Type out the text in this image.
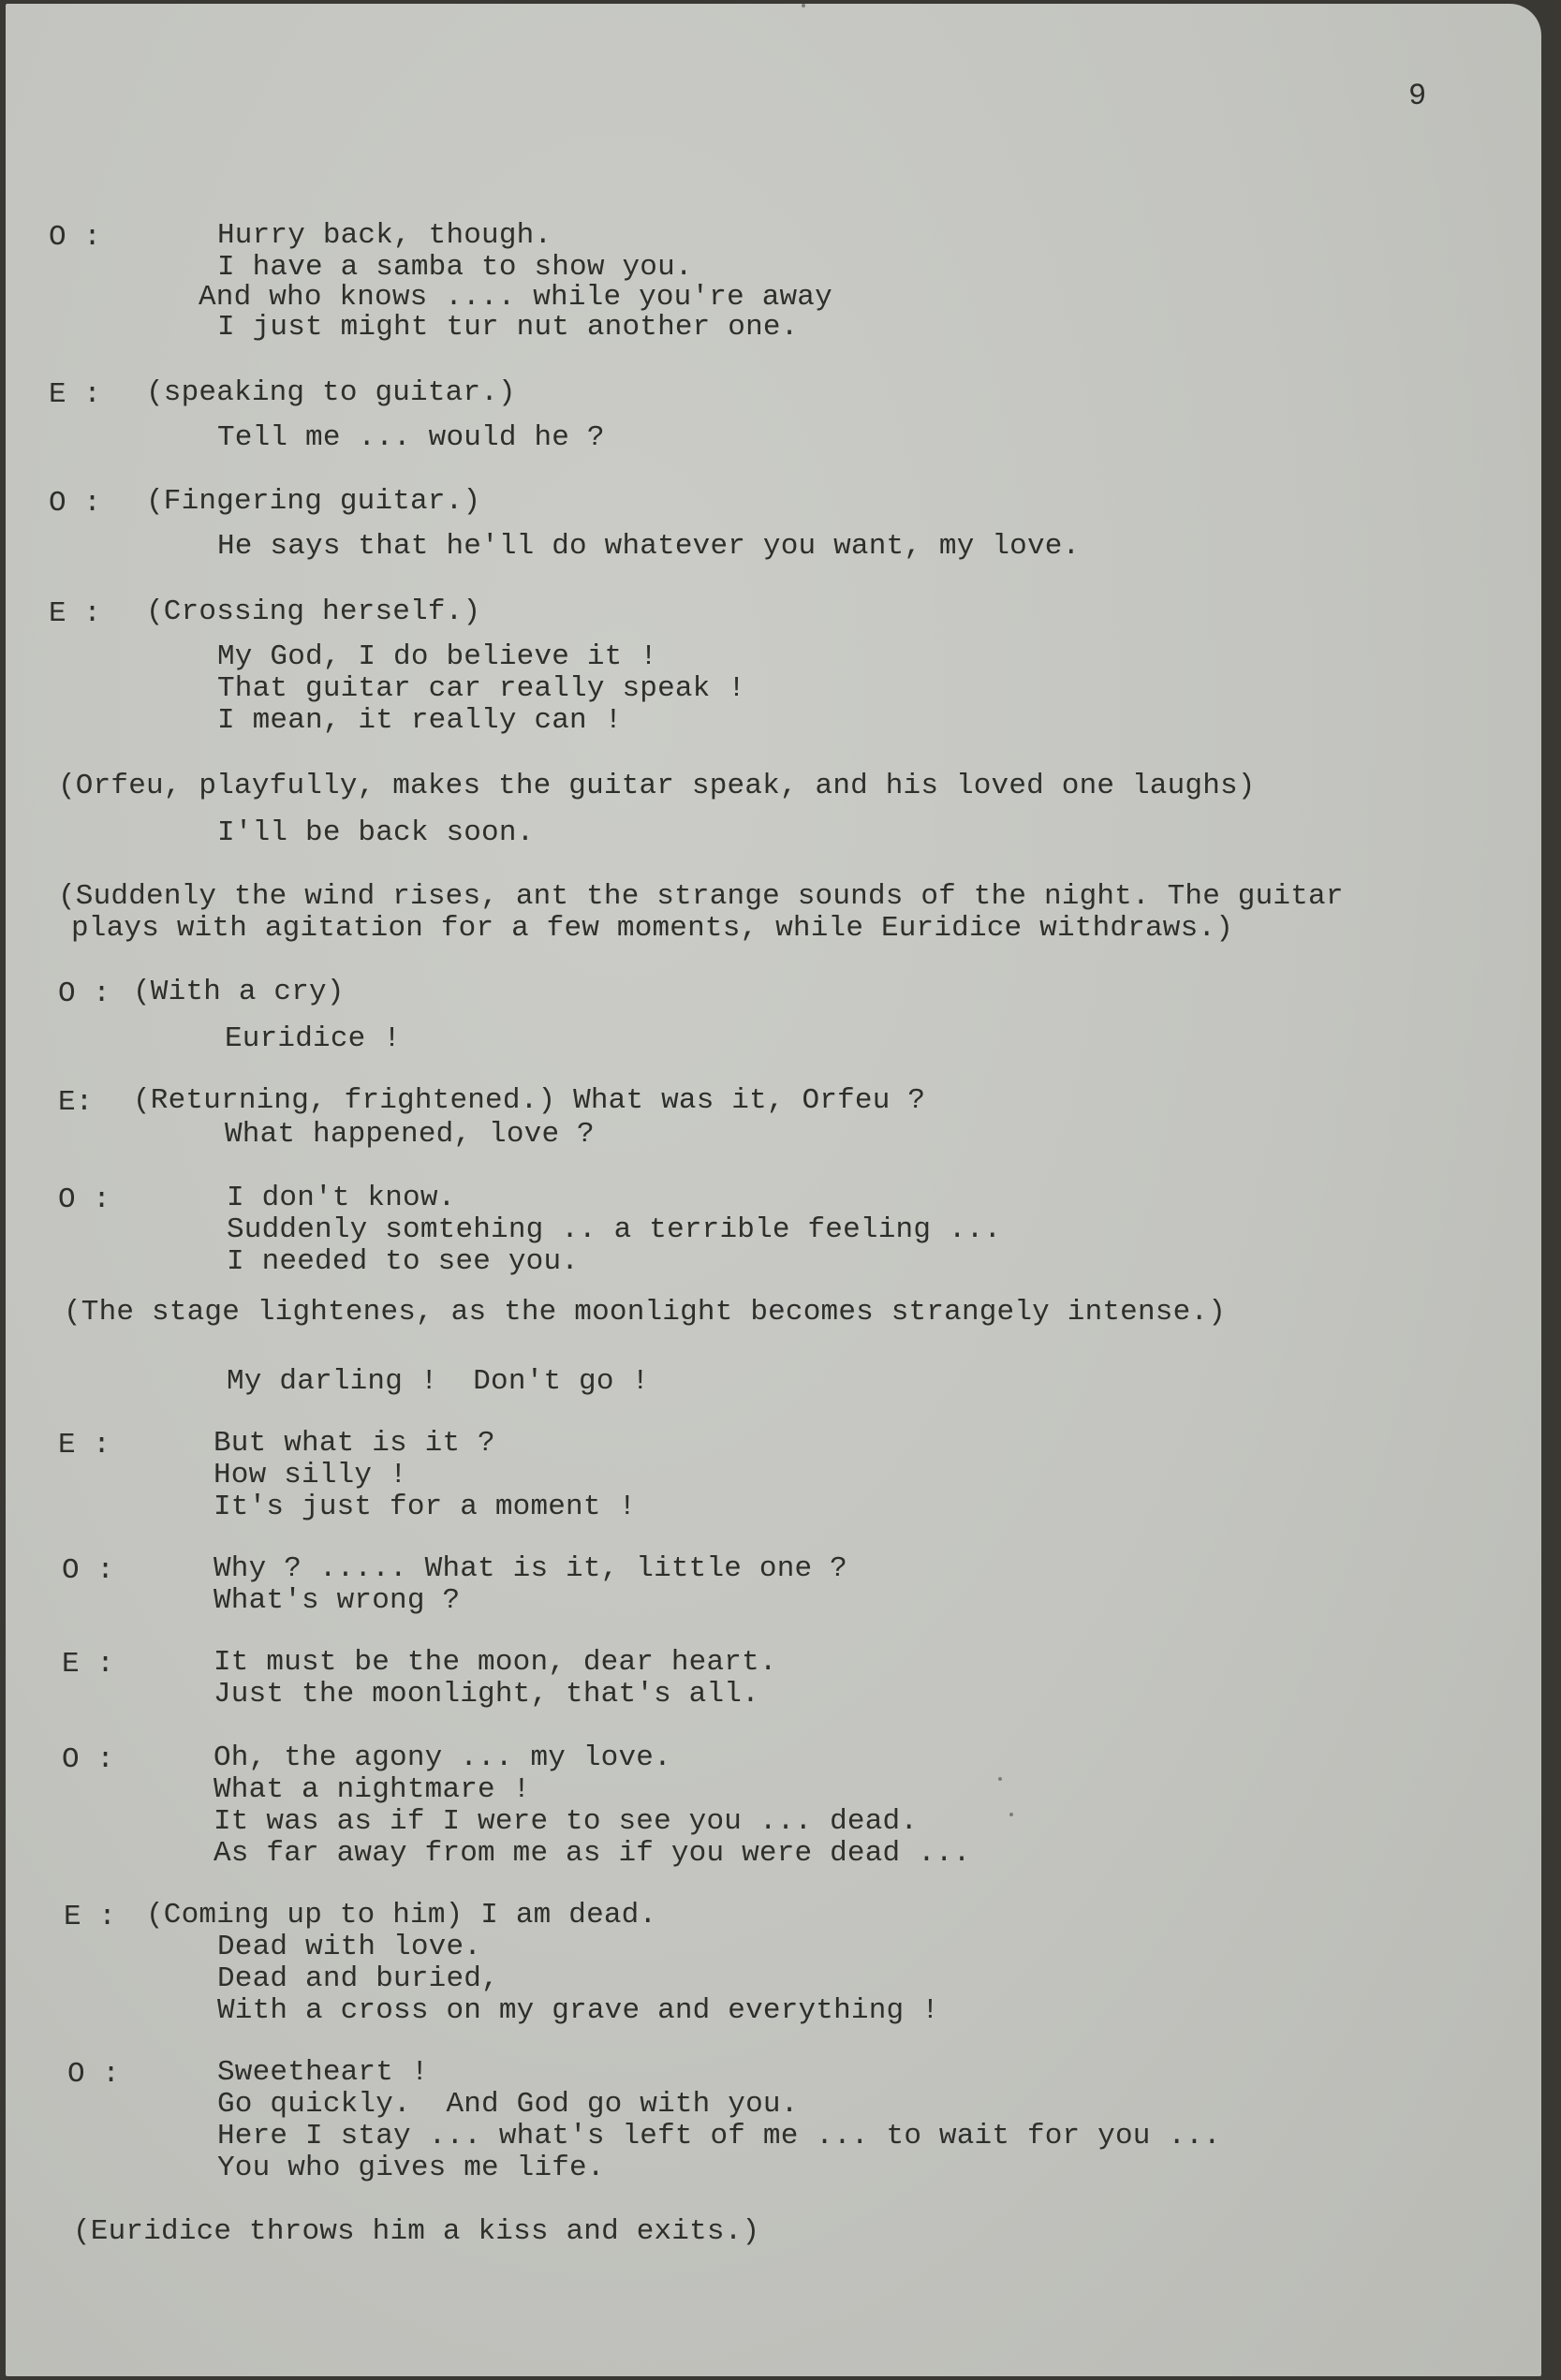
9
O :	Hurry back, though.
I have a samba to show you.
And who knows .... while you're away
I just might tur nut another one.
E : (speaking to guitar.)
Tell me ... would he ?
O : (Fingering guitar.)
He says that he'll do whatever you want, my love.
E : (Crossing herself.)
My God, I do believe it !
That guitar car really speak !
I mean, it really can !
(Orfeu, playfully, makes the guitar speak, and his loved one laughs)
I'll be back soon.
(Suddenly the wind rises, ant the strange sounds of the night. The guitar
plays with agitation for a few moments, while Euridice withdraws.)
O : (With a cry)
Euridice !
E: (Returning, frightened.) What was it, Orfeu ?
What happened, love ?
O :	I don't know.
Suddenly somtehing .. a terrible feeling ...
I needed to see you.
(The stage lightenes, as the moonlight becomes strangely intense.)
My darling !  Don't go !
E :	But what is it ?
How silly !
It's just for a moment !
O :	Why ? ..... What is it, little one ?
What's wrong ?
E :	It must be the moon, dear heart.
Just the moonlight, that's all.
O :	Oh, the agony ... my love.
What a nightmare !
It was as if I were to see you ... dead.
As far away from me as if you were dead ...
E : (Coming up to him) I am dead.
Dead with love.
Dead and buried,
With a cross on my grave and everything !
O :	Sweetheart !
Go quickly.  And God go with you.
Here I stay ... what's left of me ... to wait for you ...
You who gives me life.
(Euridice throws him a kiss and exits.)
